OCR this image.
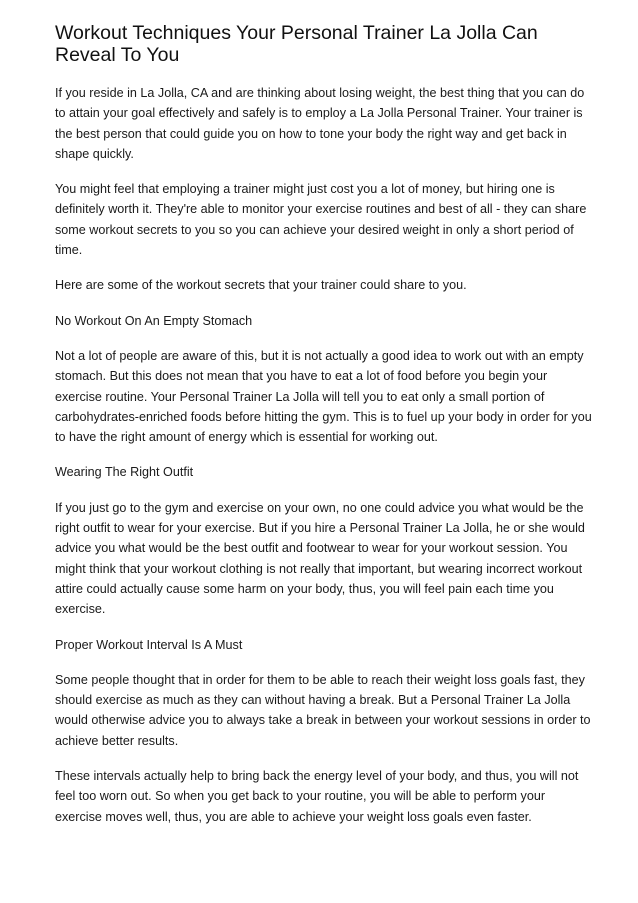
Workout Techniques Your Personal Trainer La Jolla Can Reveal To You

If you reside in La Jolla, CA and are thinking about losing weight, the best thing that you can do to attain your goal effectively and safely is to employ a La Jolla Personal Trainer. Your trainer is the best person that could guide you on how to tone your body the right way and get back in shape quickly.

You might feel that employing a trainer might just cost you a lot of money, but hiring one is definitely worth it. They're able to monitor your exercise routines and best of all - they can share some workout secrets to you so you can achieve your desired weight in only a short period of time.

Here are some of the workout secrets that your trainer could share to you.

No Workout On An Empty Stomach

Not a lot of people are aware of this, but it is not actually a good idea to work out with an empty stomach. But this does not mean that you have to eat a lot of food before you begin your exercise routine. Your Personal Trainer La Jolla will tell you to eat only a small portion of carbohydrates-enriched foods before hitting the gym. This is to fuel up your body in order for you to have the right amount of energy which is essential for working out.

Wearing The Right Outfit

If you just go to the gym and exercise on your own, no one could advice you what would be the right outfit to wear for your exercise. But if you hire a Personal Trainer La Jolla, he or she would advice you what would be the best outfit and footwear to wear for your workout session. You might think that your workout clothing is not really that important, but wearing incorrect workout attire could actually cause some harm on your body, thus, you will feel pain each time you exercise.

Proper Workout Interval Is A Must

Some people thought that in order for them to be able to reach their weight loss goals fast, they should exercise as much as they can without having a break. But a Personal Trainer La Jolla would otherwise advice you to always take a break in between your workout sessions in order to achieve better results.

These intervals actually help to bring back the energy level of your body, and thus, you will not feel too worn out. So when you get back to your routine, you will be able to perform your exercise moves well, thus, you are able to achieve your weight loss goals even faster.
